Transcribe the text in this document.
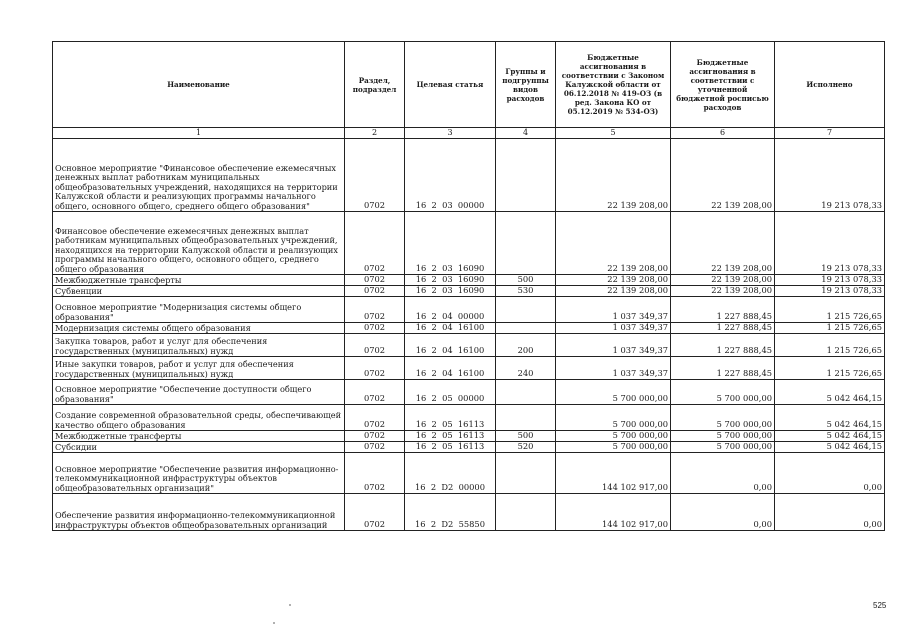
Наименование	Раздел, подраздел	Целевая статья	Группы и подгруппы видов расходов	Бюджетные ассигнования в соответствии с Законом Калужской области от 06.12.2018 № 419-ОЗ (в ред. Закона КО от 05.12.2019 № 534-ОЗ)	Бюджетные ассигнования в соответствии с уточненной бюджетной росписью расходов	Исполнено
1	2	3	4	5	6	7
Основное мероприятие "Финансовое обеспечение ежемесячных денежных выплат работникам муниципальных общеобразовательных учреждений, находящихся на территории Калужской области и реализующих программы начального общего, основного общего, среднего общего образования"	0702	16  2  03  00000		22 139 208,00	22 139 208,00	19 213 078,33
Финансовое обеспечение ежемесячных денежных выплат работникам муниципальных общеобразовательных учреждений, находящихся на территории Калужской области и реализующих программы начального общего, основного общего, среднего общего образования	0702	16  2  03  16090		22 139 208,00	22 139 208,00	19 213 078,33
Межбюджетные трансферты	0702	16  2  03  16090	500	22 139 208,00	22 139 208,00	19 213 078,33
Субвенции	0702	16  2  03  16090	530	22 139 208,00	22 139 208,00	19 213 078,33
Основное мероприятие "Модернизация системы общего образования"	0702	16  2  04  00000		1 037 349,37	1 227 888,45	1 215 726,65
Модернизация системы общего образования	0702	16  2  04  16100		1 037 349,37	1 227 888,45	1 215 726,65
Закупка товаров, работ и услуг для обеспечения государственных (муниципальных) нужд	0702	16  2  04  16100	200	1 037 349,37	1 227 888,45	1 215 726,65
Иные закупки товаров, работ и услуг для обеспечения государственных (муниципальных) нужд	0702	16  2  04  16100	240	1 037 349,37	1 227 888,45	1 215 726,65
Основное мероприятие "Обеспечение доступности общего образования"	0702	16  2  05  00000		5 700 000,00	5 700 000,00	5 042 464,15
Создание современной образовательной среды, обеспечивающей качество общего образования	0702	16  2  05  16113		5 700 000,00	5 700 000,00	5 042 464,15
Межбюджетные трансферты	0702	16  2  05  16113	500	5 700 000,00	5 700 000,00	5 042 464,15
Субсидии	0702	16  2  05  16113	520	5 700 000,00	5 700 000,00	5 042 464,15
Основное мероприятие "Обеспечение развития информационно-телекоммуникационной инфраструктуры объектов общеобразовательных организаций"	0702	16  2  D2  00000		144 102 917,00	0,00	0,00
Обеспечение развития информационно-телекоммуникационной инфраструктуры объектов общеобразовательных организаций	0702	16  2  D2  55850		144 102 917,00	0,00	0,00
525
